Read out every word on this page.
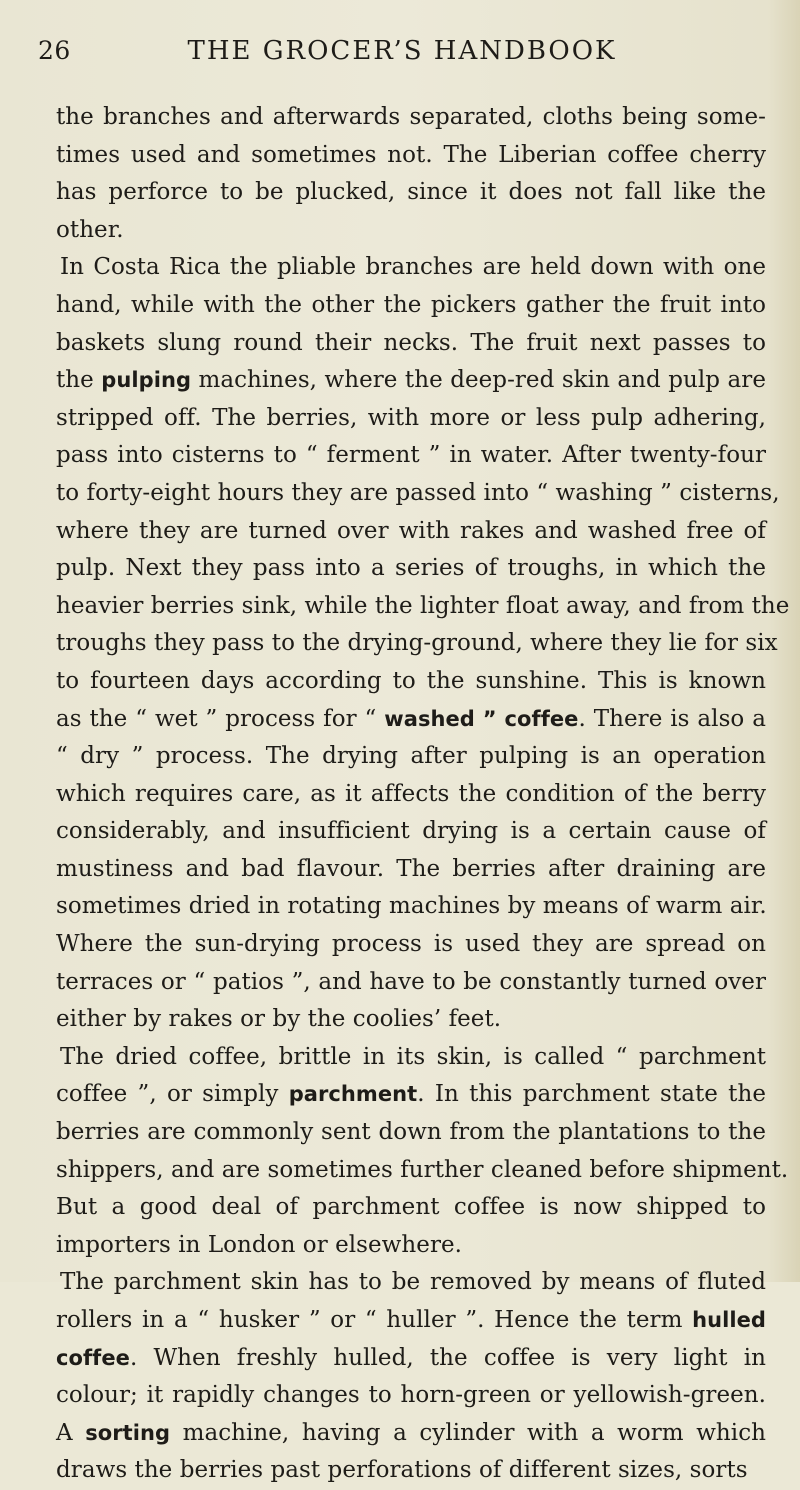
26	THE GROCER’S HANDBOOK
the branches and afterwards separated, cloths being some-
times used and sometimes not. The Liberian coffee cherry
has perforce to be plucked, since it does not fall like the
other.
In Costa Rica the pliable branches are held down with one
hand, while with the other the pickers gather the fruit into
baskets slung round their necks. The fruit next passes to
the pulping machines, where the deep-red skin and pulp are
stripped off. The berries, with more or less pulp adhering,
pass into cisterns to “ ferment ” in water. After twenty-four
to forty-eight hours they are passed into “ washing ” cisterns,
where they are turned over with rakes and washed free of
pulp. Next they pass into a series of troughs, in which the
heavier berries sink, while the lighter float away, and from the
troughs they pass to the drying-ground, where they lie for six
to fourteen days according to the sunshine. This is known
as the “ wet ” process for “ washed ” coffee. There is also a
“ dry ” process. The drying after pulping is an operation
which requires care, as it affects the condition of the berry
considerably, and insufficient drying is a certain cause of
mustiness and bad flavour. The berries after draining are
sometimes dried in rotating machines by means of warm air.
Where the sun-drying process is used they are spread on
terraces or “ patios ”, and have to be constantly turned over
either by rakes or by the coolies’ feet.
The dried coffee, brittle in its skin, is called “ parchment
coffee ”, or simply parchment. In this parchment state the
berries are commonly sent down from the plantations to the
shippers, and are sometimes further cleaned before shipment.
But a good deal of parchment coffee is now shipped to
importers in London or elsewhere.
The parchment skin has to be removed by means of fluted
rollers in a “ husker ” or “ huller ”. Hence the term hulled
coffee. When freshly hulled, the coffee is very light in
colour; it rapidly changes to horn-green or yellowish-green.
A sorting machine, having a cylinder with a worm which
draws the berries past perforations of different sizes, sorts
